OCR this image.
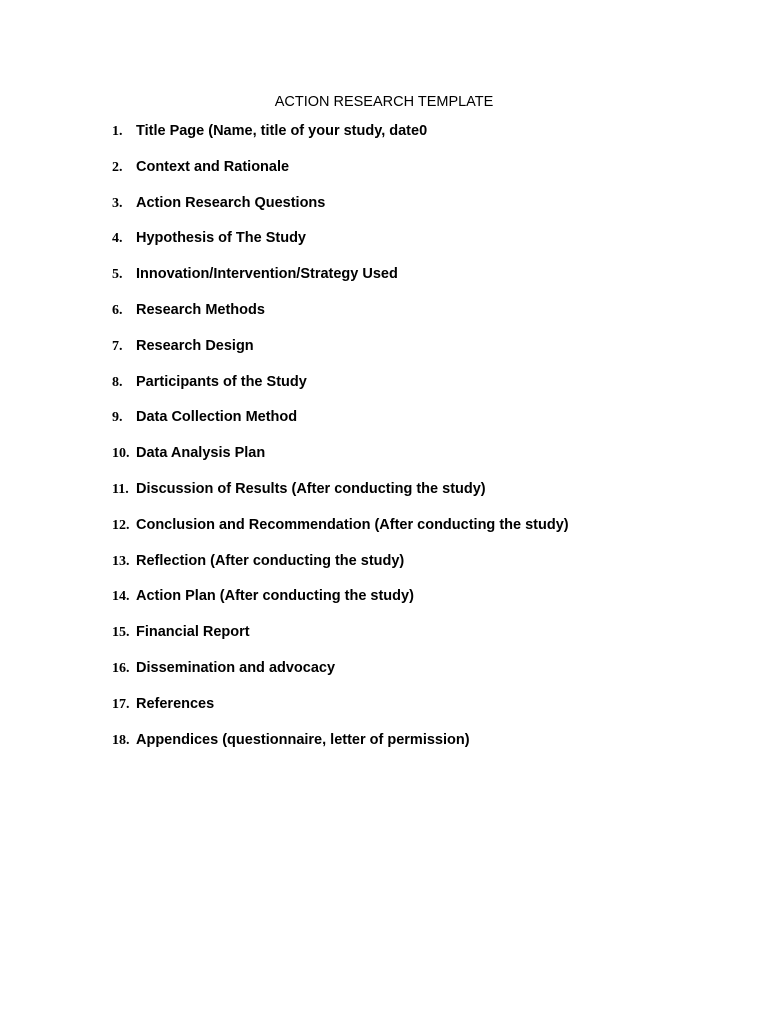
ACTION RESEARCH TEMPLATE
1. Title Page (Name, title of your study, date0
2. Context and Rationale
3. Action Research Questions
4. Hypothesis of The Study
5. Innovation/Intervention/Strategy Used
6. Research Methods
7. Research Design
8. Participants of the Study
9. Data Collection Method
10. Data Analysis Plan
11. Discussion of Results (After conducting the study)
12. Conclusion and Recommendation (After conducting the study)
13. Reflection (After conducting the study)
14. Action Plan (After conducting the study)
15. Financial Report
16. Dissemination and advocacy
17. References
18. Appendices (questionnaire, letter of permission)
